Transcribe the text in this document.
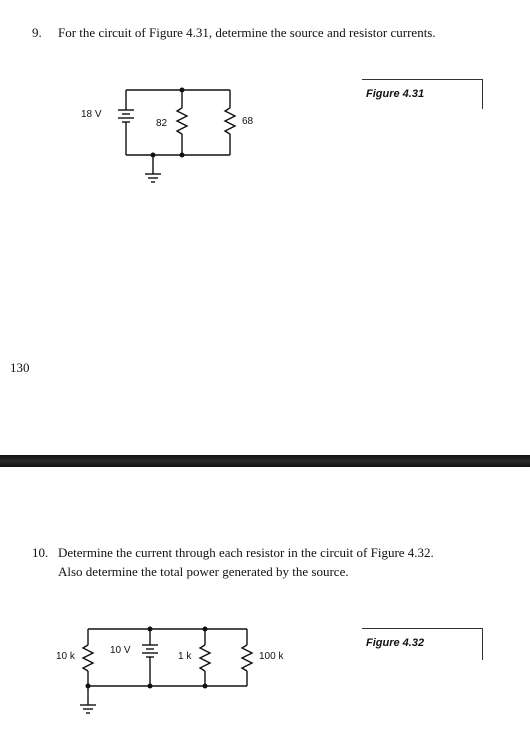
9. For the circuit of Figure 4.31, determine the source and resistor currents.
Figure 4.31
18 V
82	68
130
10. Determine the current through each resistor in the circuit of Figure 4.32.
Also determine the total power generated by the source.
Figure 4.32
10 k
10 V
1 k	100 k
